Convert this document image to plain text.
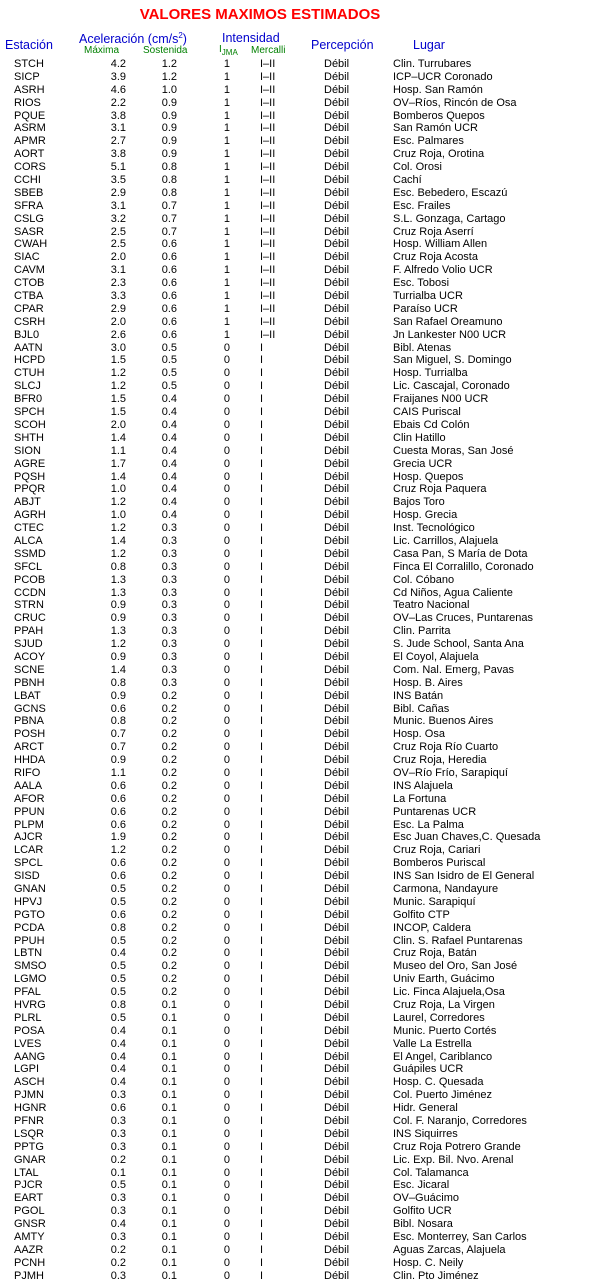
VALORES MAXIMOS ESTIMADOS
Estación Aceleración $(cm/s^2)$
Máxima Sostenida
Intensidad
$I_{JMA}$ Mercalli Percepción	Lugar
STCH	4.2	1.2	1	I–II	Débil	Clin. Turrubares
SICP	3.9	1.2	1	I–II	Débil	ICP–UCR Coronado
ASRH	4.6	1.0	1	I–II	Débil	Hosp. San Ramón
RIOS	2.2	0.9	1	I–II	Débil	OV–Ríos, Rincón de Osa
PQUE	3.8	0.9	1	I–II	Débil	Bomberos Quepos
ASRM	3.1	0.9	1	I–II	Débil	San Ramón UCR
APMR	2.7	0.9	1	I–II	Débil	Esc. Palmares
AORT	3.8	0.9	1	I–II	Débil	Cruz Roja, Orotina
CORS	5.1	0.8	1	I–II	Débil	Col. Orosi
CCHI	3.5	0.8	1	I–II	Débil	Cachí
SBEB	2.9	0.8	1	I–II	Débil	Esc. Bebedero, Escazú
SFRA	3.1	0.7	1	I–II	Débil	Esc. Frailes
CSLG	3.2	0.7	1	I–II	Débil	S.L. Gonzaga, Cartago
SASR	2.5	0.7	1	I–II	Débil	Cruz Roja Aserrí
CWAH	2.5	0.6	1	I–II	Débil	Hosp. William Allen
SIAC	2.0	0.6	1	I–II	Débil	Cruz Roja Acosta
CAVM	3.1	0.6	1	I–II	Débil	F. Alfredo Volio UCR
CTOB	2.3	0.6	1	I–II	Débil	Esc. Tobosi
CTBA	3.3	0.6	1	I–II	Débil	Turrialba UCR
CPAR	2.9	0.6	1	I–II	Débil	Paraíso UCR
CSRH	2.0	0.6	1	I–II	Débil	San Rafael Oreamuno
BJL0	2.6	0.6	1	I–II	Débil	Jn Lankester N00 UCR
AATN	3.0	0.5	0	I	Débil	Bibl. Atenas
HCPD	1.5	0.5	0	I	Débil	San Miguel, S. Domingo
CTUH	1.2	0.5	0	I	Débil	Hosp. Turrialba
SLCJ	1.2	0.5	0	I	Débil	Lic. Cascajal, Coronado
BFR0	1.5	0.4	0	I	Débil	Fraijanes N00 UCR
SPCH	1.5	0.4	0	I	Débil	CAIS Puriscal
SCOH	2.0	0.4	0	I	Débil	Ebais Cd Colón
SHTH	1.4	0.4	0	I	Débil	Clin Hatillo
SION	1.1	0.4	0	I	Débil	Cuesta Moras, San José
AGRE	1.7	0.4	0	I	Débil	Grecia UCR
PQSH	1.4	0.4	0	I	Débil	Hosp. Quepos
PPQR	1.0	0.4	0	I	Débil	Cruz Roja Paquera
ABJT	1.2	0.4	0	I	Débil	Bajos Toro
AGRH	1.0	0.4	0	I	Débil	Hosp. Grecia
CTEC	1.2	0.3	0	I	Débil	Inst. Tecnológico
ALCA	1.4	0.3	0	I	Débil	Lic. Carrillos, Alajuela
SSMD	1.2	0.3	0	I	Débil	Casa Pan, S María de Dota
SFCL	0.8	0.3	0	I	Débil	Finca El Corralillo, Coronado
PCOB	1.3	0.3	0	I	Débil	Col. Cóbano
CCDN	1.3	0.3	0	I	Débil	Cd Niños, Agua Caliente
STRN	0.9	0.3	0	I	Débil	Teatro Nacional
CRUC	0.9	0.3	0	I	Débil	OV–Las Cruces, Puntarenas
PPAH	1.3	0.3	0	I	Débil	Clin. Parrita
SJUD	1.2	0.3	0	I	Débil	S. Jude School, Santa Ana
ACOY	0.9	0.3	0	I	Débil	El Coyol, Alajuela
SCNE	1.4	0.3	0	I	Débil	Com. Nal. Emerg, Pavas
PBNH	0.8	0.3	0	I	Débil	Hosp. B. Aires
LBAT	0.9	0.2	0	I	Débil	INS Batán
GCNS	0.6	0.2	0	I	Débil	Bibl. Cañas
PBNA	0.8	0.2	0	I	Débil	Munic. Buenos Aires
POSH	0.7	0.2	0	I	Débil	Hosp. Osa
ARCT	0.7	0.2	0	I	Débil	Cruz Roja Río Cuarto
HHDA	0.9	0.2	0	I	Débil	Cruz Roja, Heredia
RIFO	1.1	0.2	0	I	Débil	OV–Río Frío, Sarapiquí
AALA	0.6	0.2	0	I	Débil	INS Alajuela
AFOR	0.6	0.2	0	I	Débil	La Fortuna
PPUN	0.6	0.2	0	I	Débil	Puntarenas UCR
PLPM	0.6	0.2	0	I	Débil	Esc. La Palma
AJCR	1.9	0.2	0	I	Débil	Esc Juan Chaves,C. Quesada
LCAR	1.2	0.2	0	I	Débil	Cruz Roja, Cariari
SPCL	0.6	0.2	0	I	Débil	Bomberos Puriscal
SISD	0.6	0.2	0	I	Débil	INS San Isidro de El General
GNAN	0.5	0.2	0	I	Débil	Carmona, Nandayure
HPVJ	0.5	0.2	0	I	Débil	Munic. Sarapiquí
PGTO	0.6	0.2	0	I	Débil	Golfito CTP
PCDA	0.8	0.2	0	I	Débil	INCOP, Caldera
PPUH	0.5	0.2	0	I	Débil	Clin. S. Rafael Puntarenas
LBTN	0.4	0.2	0	I	Débil	Cruz Roja, Batán
SMSO	0.5	0.2	0	I	Débil	Museo del Oro, San José
LGMO	0.5	0.2	0	I	Débil	Univ Earth, Guácimo
PFAL	0.5	0.2	0	I	Débil	Lic. Finca Alajuela,Osa
HVRG	0.8	0.1	0	I	Débil	Cruz Roja, La Virgen
PLRL	0.5	0.1	0	I	Débil	Laurel, Corredores
POSA	0.4	0.1	0	I	Débil	Munic. Puerto Cortés
LVES	0.4	0.1	0	I	Débil	Valle La Estrella
AANG	0.4	0.1	0	I	Débil	El Angel, Cariblanco
LGPI	0.4	0.1	0	I	Débil	Guápiles UCR
ASCH	0.4	0.1	0	I	Débil	Hosp. C. Quesada
PJMN	0.3	0.1	0	I	Débil	Col. Puerto Jiménez
HGNR	0.6	0.1	0	I	Débil	Hidr. General
PFNR	0.3	0.1	0	I	Débil	Col. F. Naranjo, Corredores
LSQR	0.3	0.1	0	I	Débil	INS Siquirres
PPTG	0.3	0.1	0	I	Débil	Cruz Roja Potrero Grande
GNAR	0.2	0.1	0	I	Débil	Lic. Exp. Bil. Nvo. Arenal
LTAL	0.1	0.1	0	I	Débil	Col. Talamanca
PJCR	0.5	0.1	0	I	Débil	Esc. Jicaral
EART	0.3	0.1	0	I	Débil	OV–Guácimo
PGOL	0.3	0.1	0	I	Débil	Golfito UCR
GNSR	0.4	0.1	0	I	Débil	Bibl. Nosara
AMTY	0.3	0.1	0	I	Débil	Esc. Monterrey, San Carlos
AAZR	0.2	0.1	0	I	Débil	Aguas Zarcas, Alajuela
PCNH	0.2	0.1	0	I	Débil	Hosp. C. Neily
PJMH	0.3	0.1	0	I	Débil	Clin. Pto Jiménez
